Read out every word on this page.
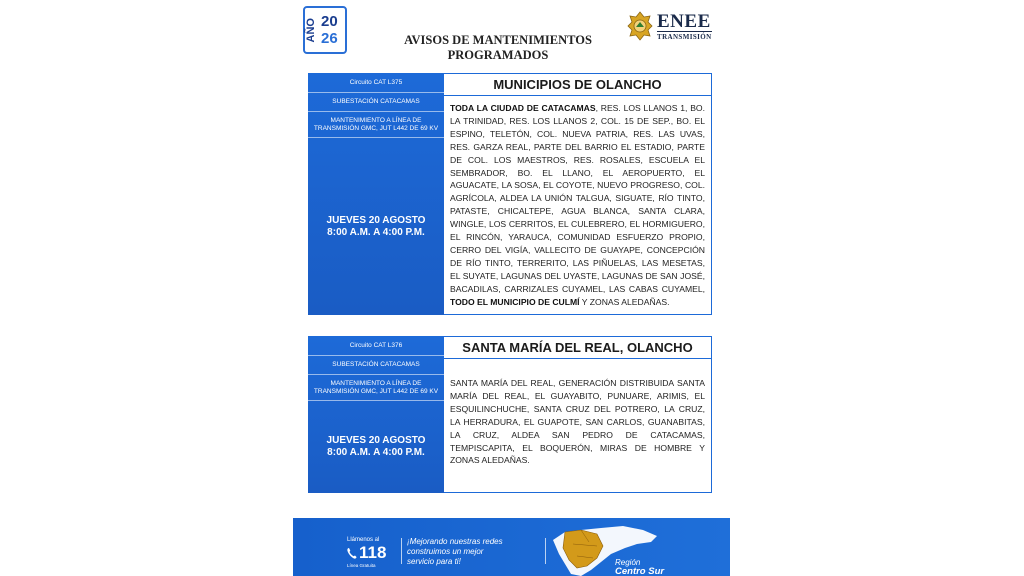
AÑO 20
26	AVISOS DE MANTENIMIENTOS
PROGRAMADOS
ENEE
TRANSMISIÓN
Circuito CAT L375
SUBESTACIÓN CATACAMAS
MANTENIMIENTO A LÍNEA DE TRANSMISIÓN GMC, JUT L442 DE 69 KV
JUEVES 20 AGOSTO
8:00 A.M. A 4:00 P.M.
MUNICIPIOS DE OLANCHO
TODA LA CIUDAD DE CATACAMAS, RES. LOS LLANOS 1, BO. LA TRINIDAD, RES. LOS LLANOS 2, COL. 15 DE SEP., BO. EL ESPINO, TELETÓN, COL. NUEVA PATRIA, RES. LAS UVAS, RES. GARZA REAL, PARTE DEL BARRIO EL ESTADIO, PARTE DE COL. LOS MAESTROS, RES. ROSALES, ESCUELA EL SEMBRADOR, BO. EL LLANO, EL AEROPUERTO, EL AGUACATE, LA SOSA, EL COYOTE, NUEVO PROGRESO, COL. AGRÍCOLA, ALDEA LA UNIÓN TALGUA, SIGUATE, RÍO TINTO, PATASTE, CHICALTEPE, AGUA BLANCA, SANTA CLARA, WINGLE, LOS CERRITOS, EL CULEBRERO, EL HORMIGUERO, EL RINCÓN, YARAUCA, COMUNIDAD ESFUERZO PROPIO, CERRO DEL VIGÍA, VALLECITO DE GUAYAPE, CONCEPCIÓN DE RÍO TINTO, TERRERITO, LAS PIÑUELAS, LAS MESETAS, EL SUYATE, LAGUNAS DEL UYASTE, LAGUNAS DE SAN JOSÉ, BACADILAS, CARRIZALES CUYAMEL, LAS CABAS CUYAMEL, TODO EL MUNICIPIO DE CULMÍ Y ZONAS ALEDAÑAS.
Circuito CAT L376
SUBESTACIÓN CATACAMAS
MANTENIMIENTO A LÍNEA DE TRANSMISIÓN GMC, JUT L442 DE 69 KV
JUEVES 20 AGOSTO
8:00 A.M. A 4:00 P.M.
SANTA MARÍA DEL REAL, OLANCHO
SANTA MARÍA DEL REAL, GENERACIÓN DISTRIBUIDA SANTA MARÍA DEL REAL, EL GUAYABITO, PUNUARE, ARIMIS, EL ESQUILINCHUCHE, SANTA CRUZ DEL POTRERO, LA CRUZ, LA HERRADURA, EL GUAPOTE, SAN CARLOS, GUANABITAS, LA CRUZ, ALDEA SAN PEDRO DE CATACAMAS, TEMPISCAPITA, EL BOQUERÓN, MIRAS DE HOMBRE Y ZONAS ALEDAÑAS.
Llámenos al
118
Línea Gratuita
¡Mejorando nuestras redes
construimos un mejor
servicio para ti!	Región
Centro Sur
